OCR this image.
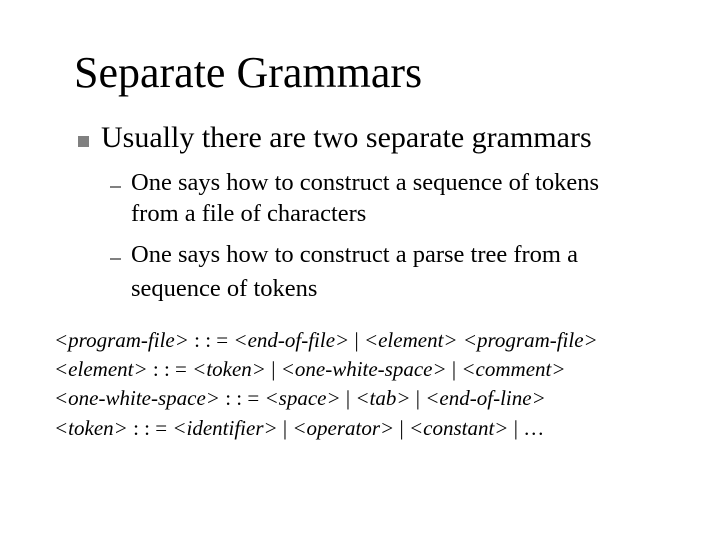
Separate Grammars
Usually there are two separate grammars
One says how to construct a sequence of tokens
from a file of characters
One says how to construct a parse tree from a
sequence of tokens
<program-file> : : = <end-of-file> | <element> <program-file>
<element> : : = <token> | <one-white-space> | <comment>
<one-white-space> : : = <space> | <tab> | <end-of-line>
<token> : : = <identifier> | <operator> | <constant> | …
